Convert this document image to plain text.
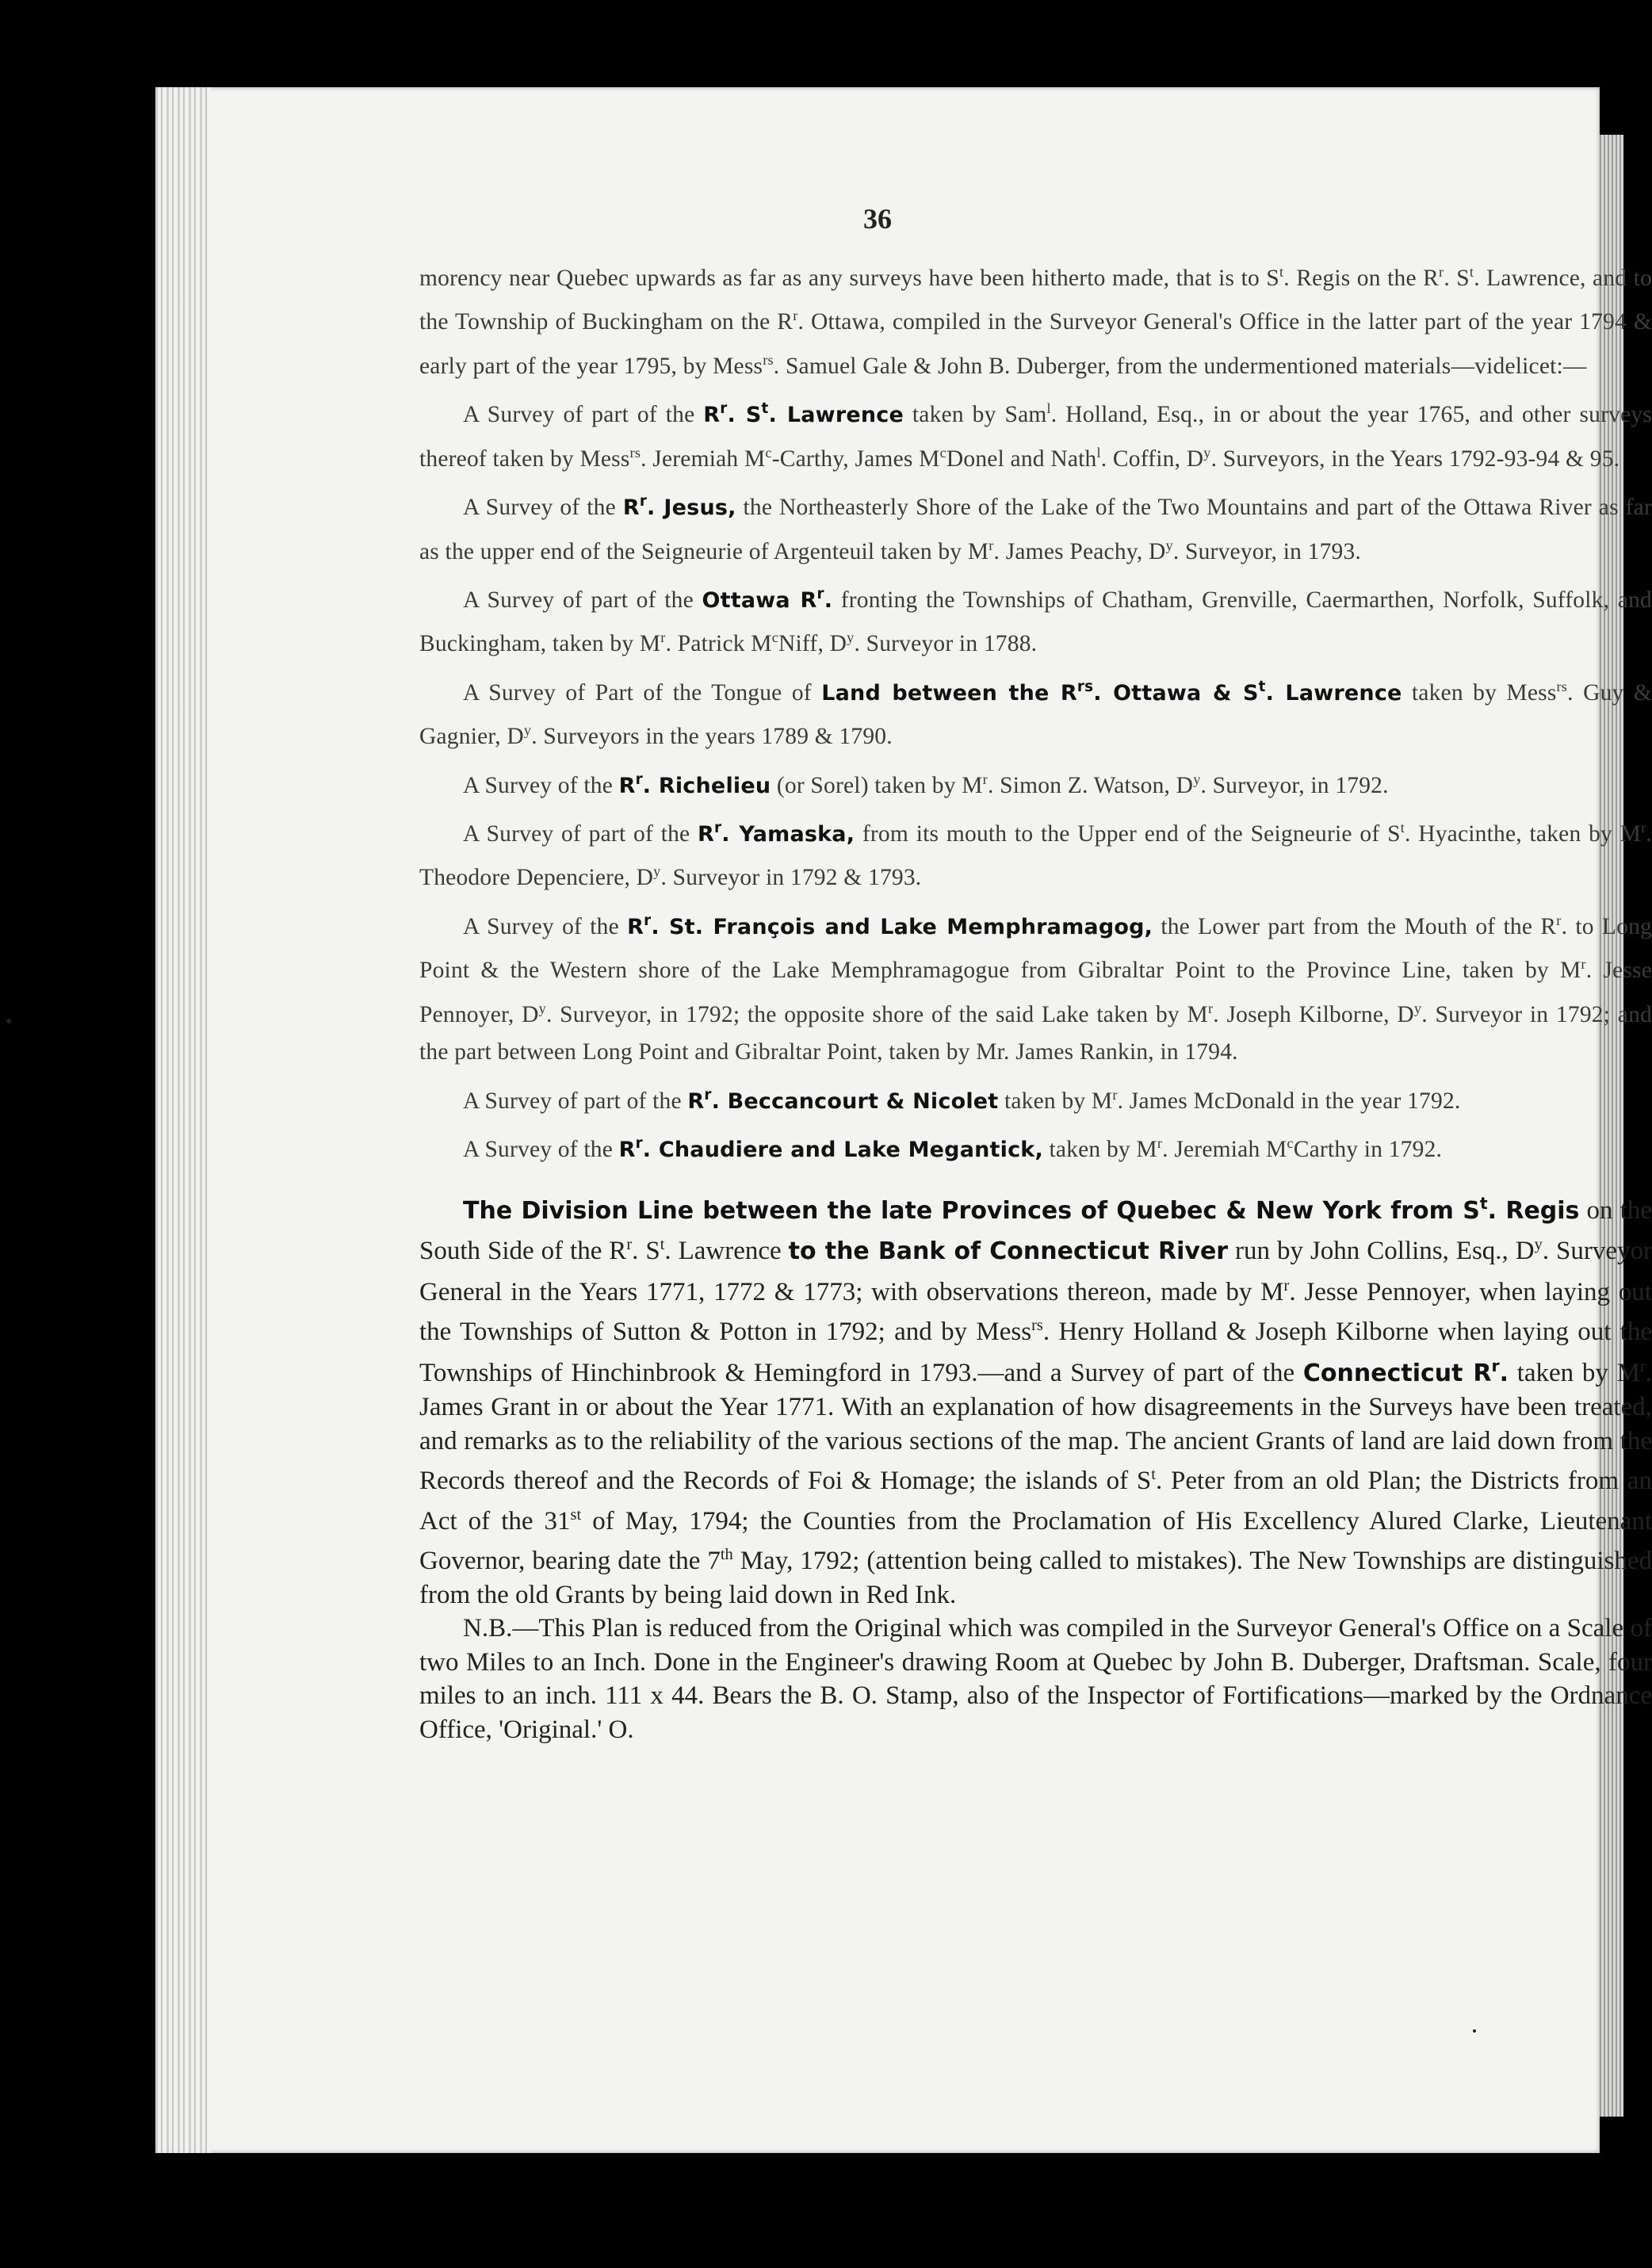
36

morency near Quebec upwards as far as any surveys have been hitherto made, that is to $S^t$. Regis on the $R^r$. $S^t$. Lawrence, and to the Township of Buckingham on the $R^r$. Ottawa, compiled in the Surveyor General's Office in the latter part of the year 1794 & early part of the year 1795, by Mess$^{rs}$. Samuel Gale & John B. Duberger, from the undermentioned materials—videlicet:—

A Survey of part of the $R^r$. $S^t$. Lawrence taken by Sam$^l$. Holland, Esq., in or about the year 1765, and other surveys thereof taken by Mess$^{rs}$. Jeremiah $M^c$-Carthy, James $M^cDonel$ and Nath$^l$. Coffin, $D^y$. Surveyors, in the Years 1792-93-94 & 95.

A Survey of the $R^r$. Jesus, the Northeasterly Shore of the Lake of the Two Mountains and part of the Ottawa River as far as the upper end of the Seigneurie of Argenteuil taken by $M^r$. James Peachy, $D^y$. Surveyor, in 1793.

A Survey of part of the Ottawa $R^r$. fronting the Townships of Chatham, Grenville, Caermarthen, Norfolk, Suffolk, and Buckingham, taken by $M^r$. Patrick $M^cNiff$, $D^y$. Surveyor in 1788.

A Survey of Part of the Tongue of Land between the $R^{rs}$. Ottawa & $S^t$. Lawrence taken by Mess$^{rs}$. Guy & Gagnier, $D^y$. Surveyors in the years 1789 & 1790.

A Survey of the $R^r$. Richelieu (or Sorel) taken by $M^r$. Simon Z. Watson, $D^y$. Surveyor, in 1792.

A Survey of part of the $R^r$. Yamaska, from its mouth to the Upper end of the Seigneurie of $S^t$. Hyacinthe, taken by $M^r$. Theodore Depenciere, $D^y$. Surveyor in 1792 & 1793.

A Survey of the $R^r$. St. François and Lake Memphramagog, the Lower part from the Mouth of the $R^r$. to Long Point & the Western shore of the Lake Memphramagogue from Gibraltar Point to the Province Line, taken by $M^r$. Jesse Pennoyer, $D^y$. Surveyor, in 1792; the opposite shore of the said Lake taken by $M^r$. Joseph Kilborne, $D^y$. Surveyor in 1792; and the part between Long Point and Gibraltar Point, taken by Mr. James Rankin, in 1794.

A Survey of part of the $R^r$. Beccancourt & Nicolet taken by $M^r$. James McDonald in the year 1792.

A Survey of the $R^r$. Chaudiere and Lake Megantick, taken by $M^r$. Jeremiah $M^cCarthy$ in 1792.

The Division Line between the late Provinces of Quebec & New York from $S^t$. Regis on the South Side of the $R^r$. $S^t$. Lawrence to the Bank of Connecticut River run by John Collins, Esq., $D^y$. Surveyor General in the Years 1771, 1772 & 1773; with observations thereon, made by $M^r$. Jesse Pennoyer, when laying out the Townships of Sutton & Potton in 1792; and by Mess$^{rs}$. Henry Holland & Joseph Kilborne when laying out the Townships of Hinchinbrook & Hemingford in 1793.—and a Survey of part of the Connecticut $R^r$. taken by $M^r$. James Grant in or about the Year 1771. With an explanation of how disagreements in the Surveys have been treated, and remarks as to the reliability of the various sections of the map. The ancient Grants of land are laid down from the Records thereof and the Records of Foi & Homage; the islands of $S^t$. Peter from an old Plan; the Districts from an Act of the 31st of May, 1794; the Counties from the Proclamation of His Excellency Alured Clarke, Lieutenant Governor, bearing date the 7th May, 1792; (attention being called to mistakes). The New Townships are distinguished from the old Grants by being laid down in Red Ink.

N.B.—This Plan is reduced from the Original which was compiled in the Surveyor General's Office on a Scale of two Miles to an Inch. Done in the Engineer's drawing Room at Quebec by John B. Duberger, Draftsman. Scale, four miles to an inch. 111 x 44. Bears the B. O. Stamp, also of the Inspector of Fortifications—marked by the Ordnance Office, 'Original.' O.
